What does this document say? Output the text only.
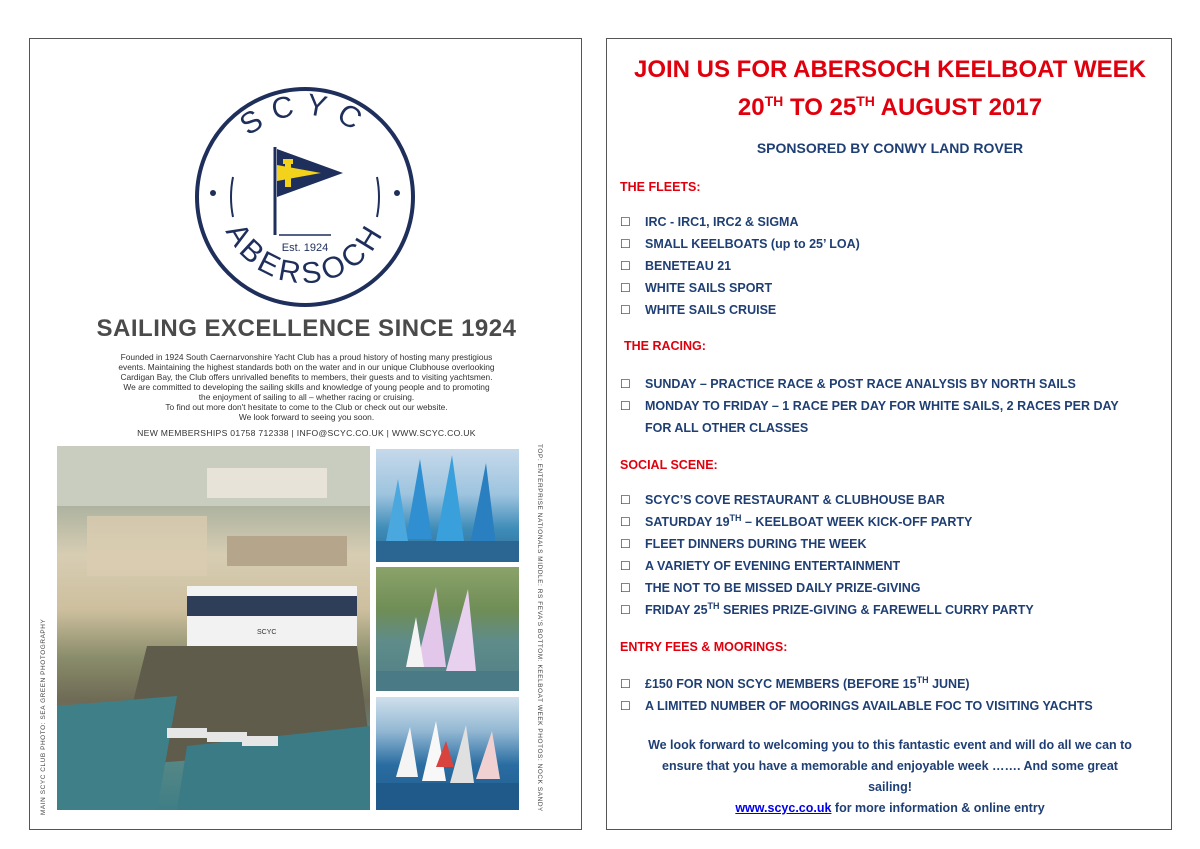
SCYC
ABERSOCH
Est. 1924
SAILING EXCELLENCE SINCE 1924
Founded in 1924 South Caernarvonshire Yacht Club has a proud history of hosting many prestigious
events. Maintaining the highest standards both on the water and in our unique Clubhouse overlooking
Cardigan Bay, the Club offers unrivalled benefits to members, their guests and to visiting yachtsmen.
We are committed to developing the sailing skills and knowledge of young people and to promoting
the enjoyment of sailing to all – whether racing or cruising.
To find out more don't hesitate to come to the Club or check out our website.
We look forward to seeing you soon.
NEW MEMBERSHIPS 01758 712338 | INFO@SCYC.CO.UK | WWW.SCYC.CO.UK
SCYC
MAIN SCYC CLUB PHOTO: SEA GREEN PHOTOGRAPHY	TOP: ENTERPRISE NATIONALS MIDDLE: RS FEVA'S BOTTOM: KEELBOAT WEEK PHOTOS: NOCK SANDY
JOIN US FOR ABERSOCH KEELBOAT WEEK
20TH TO 25TH AUGUST 2017
SPONSORED BY CONWY LAND ROVER
THE FLEETS:
☐ IRC - IRC1, IRC2 & SIGMA
☐ SMALL KEELBOATS (up to 25’ LOA)
☐ BENETEAU 21
☐ WHITE SAILS SPORT
☐ WHITE SAILS CRUISE
THE RACING:
☐ SUNDAY – PRACTICE RACE & POST RACE ANALYSIS BY NORTH SAILS
☐ MONDAY TO FRIDAY – 1 RACE PER DAY FOR WHITE SAILS, 2 RACES PER DAY
FOR ALL OTHER CLASSES
SOCIAL SCENE:
☐ SCYC’S COVE RESTAURANT & CLUBHOUSE BAR
☐ SATURDAY 19TH – KEELBOAT WEEK KICK-OFF PARTY
☐ FLEET DINNERS DURING THE WEEK
☐ A VARIETY OF EVENING ENTERTAINMENT
☐ THE NOT TO BE MISSED DAILY PRIZE-GIVING
☐ FRIDAY 25TH SERIES PRIZE-GIVING & FAREWELL CURRY PARTY
ENTRY FEES & MOORINGS:
☐ £150 FOR NON SCYC MEMBERS (BEFORE 15TH JUNE)
☐ A LIMITED NUMBER OF MOORINGS AVAILABLE FOC TO VISITING YACHTS
We look forward to welcoming you to this fantastic event and will do all we can to
ensure that you have a memorable and enjoyable week ……. And some great
sailing!
www.scyc.co.uk for more information & online entry
